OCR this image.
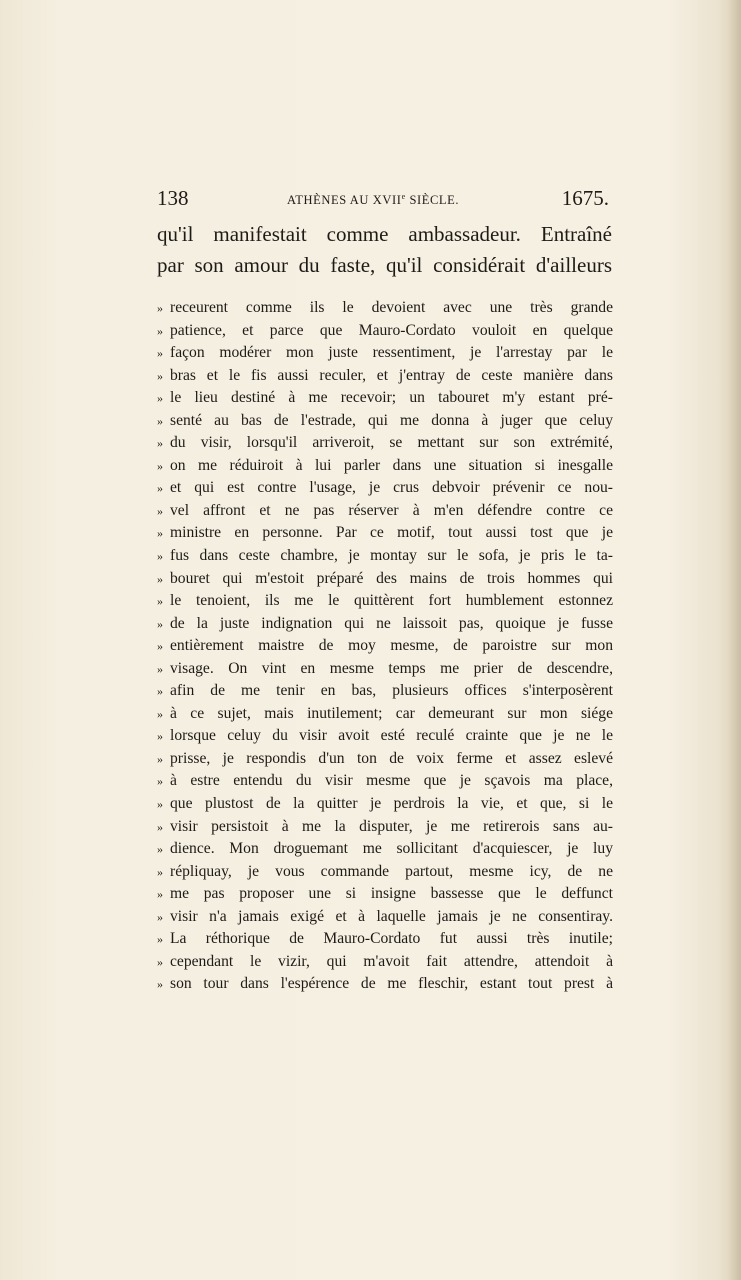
138	ATHÈNES AU XVIIe SIÈCLE.	1675.
qu'il manifestait comme ambassadeur. Entraîné
par son amour du faste, qu'il considérait d'ailleurs
» receurent comme ils le devoient avec une très grande
» patience, et parce que Mauro-Cordato vouloit en quelque
» façon modérer mon juste ressentiment, je l'arrestay par le
» bras et le fis aussi reculer, et j'entray de ceste manière dans
» le lieu destiné à me recevoir; un tabouret m'y estant pré-
» senté au bas de l'estrade, qui me donna à juger que celuy
» du visir, lorsqu'il arriveroit, se mettant sur son extrémité,
» on me réduiroit à lui parler dans une situation si inesgalle
» et qui est contre l'usage, je crus debvoir prévenir ce nou-
» vel affront et ne pas réserver à m'en défendre contre ce
» ministre en personne. Par ce motif, tout aussi tost que je
» fus dans ceste chambre, je montay sur le sofa, je pris le ta-
» bouret qui m'estoit préparé des mains de trois hommes qui
» le tenoient, ils me le quittèrent fort humblement estonnez
» de la juste indignation qui ne laissoit pas, quoique je fusse
» entièrement maistre de moy mesme, de paroistre sur mon
» visage. On vint en mesme temps me prier de descendre,
» afin de me tenir en bas, plusieurs offices s'interposèrent
» à ce sujet, mais inutilement; car demeurant sur mon siége
» lorsque celuy du visir avoit esté reculé crainte que je ne le
» prisse, je respondis d'un ton de voix ferme et assez eslevé
» à estre entendu du visir mesme que je sçavois ma place,
» que plustost de la quitter je perdrois la vie, et que, si le
» visir persistoit à me la disputer, je me retirerois sans au-
» dience. Mon droguemant me sollicitant d'acquiescer, je luy
» répliquay, je vous commande partout, mesme icy, de ne
» me pas proposer une si insigne bassesse que le deffunct
» visir n'a jamais exigé et à laquelle jamais je ne consentiray.
» La réthorique de Mauro-Cordato fut aussi très inutile;
» cependant le vizir, qui m'avoit fait attendre, attendoit à
» son tour dans l'espérence de me fleschir, estant tout prest à
